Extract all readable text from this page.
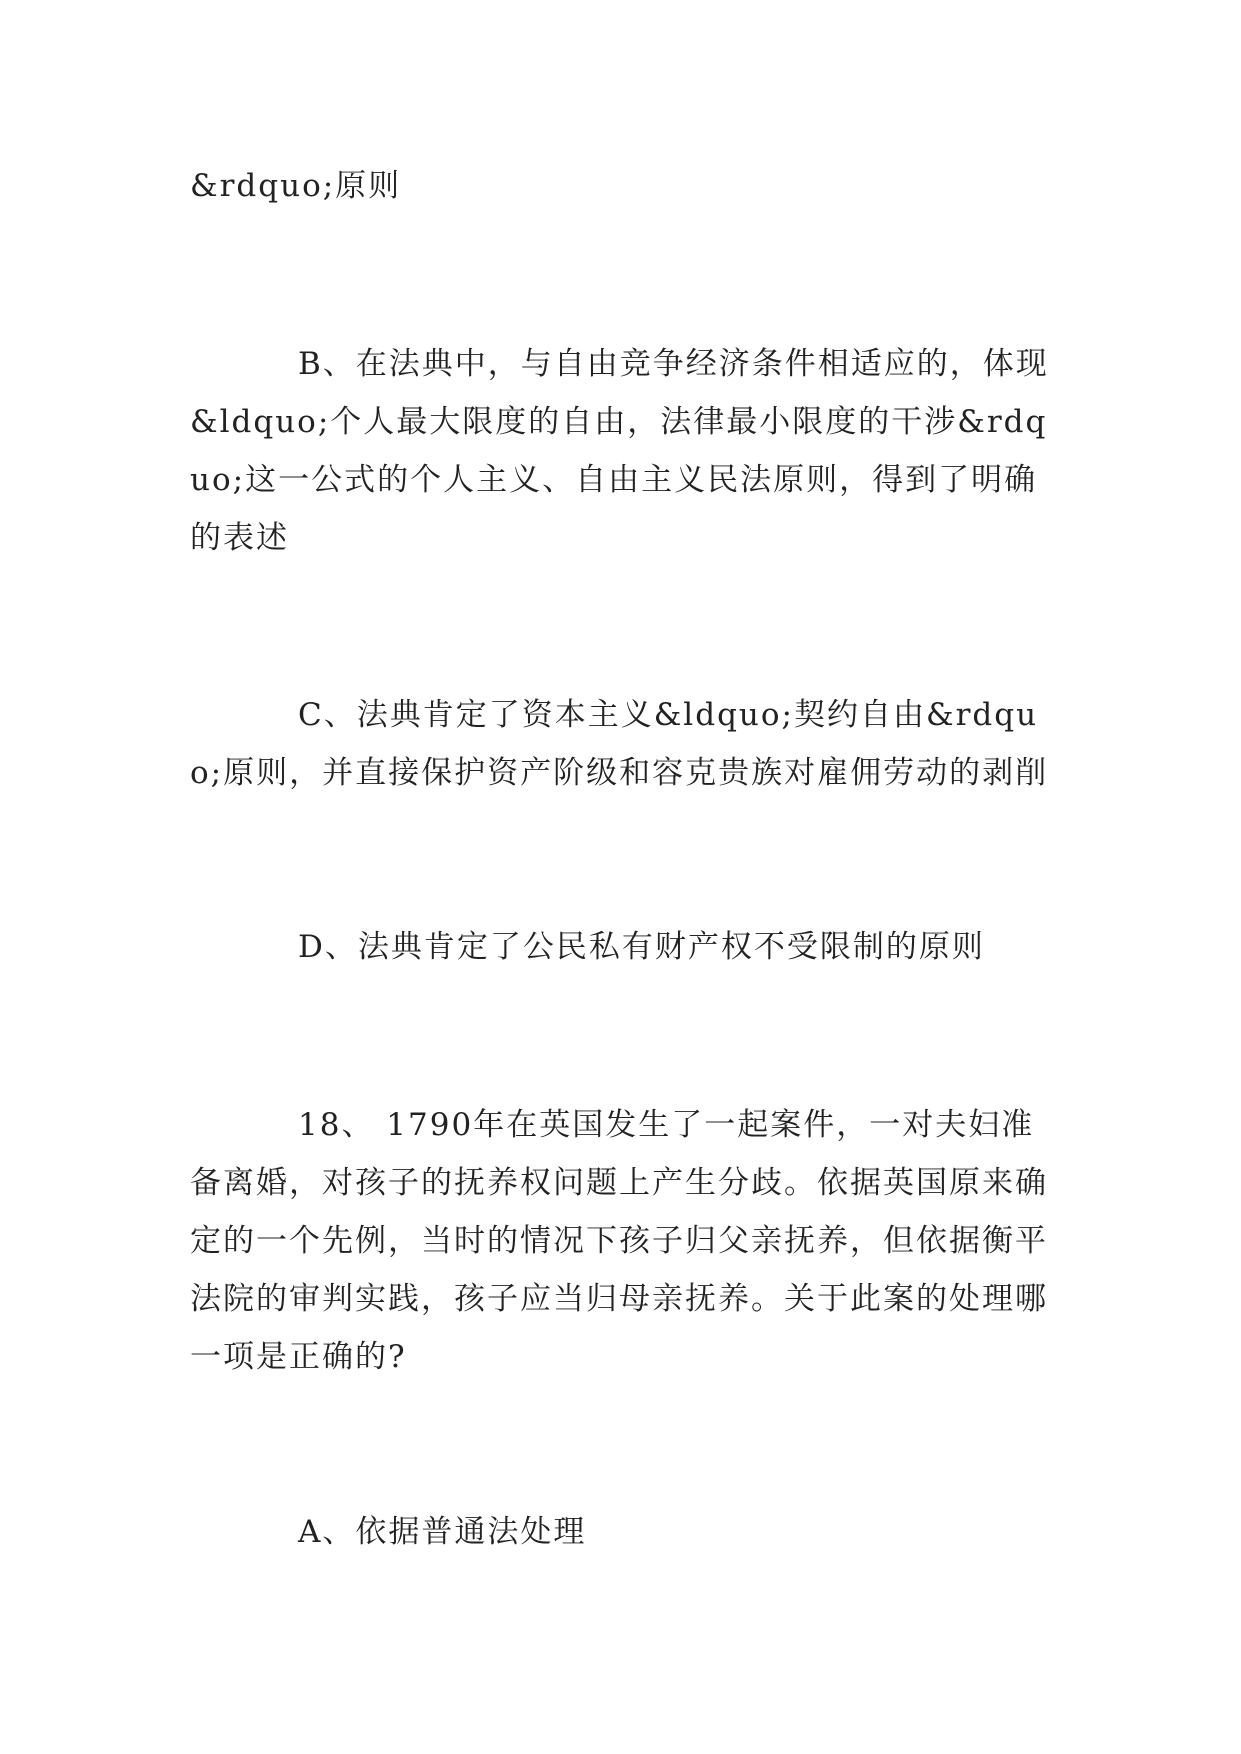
&rdquo;原则

B、在法典中，与自由竞争经济条件相适应的，体现&ldquo;个人最大限度的自由，法律最小限度的干涉&rdquo;这一公式的个人主义、自由主义民法原则，得到了明确的表述

C、法典肯定了资本主义&ldquo;契约自由&rdquo;原则，并直接保护资产阶级和容克贵族对雇佣劳动的剥削

D、法典肯定了公民私有财产权不受限制的原则

18、 1790年在英国发生了一起案件，一对夫妇准备离婚，对孩子的抚养权问题上产生分歧。依据英国原来确定的一个先例，当时的情况下孩子归父亲抚养，但依据衡平法院的审判实践，孩子应当归母亲抚养。关于此案的处理哪一项是正确的?

A、依据普通法处理
